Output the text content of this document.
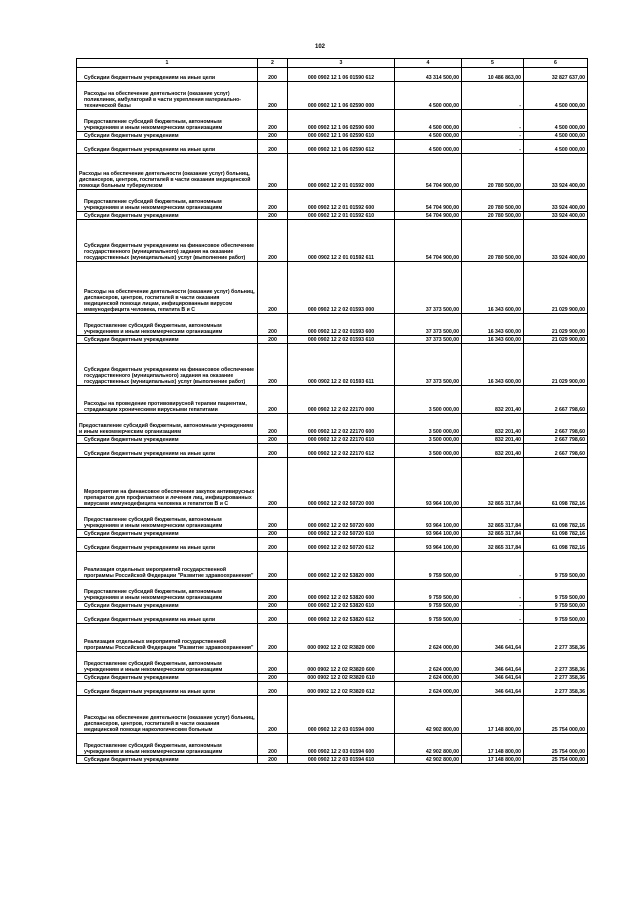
102
1	2	3	4	5	6
Субсидии бюджетным учреждениям на иные цели	200	000 0902 12 1 06 01590 612	43 314 500,00	10 486 863,00	32 827 637,00
Расходы на обеспечение деятельности (оказание услуг) поликлиник, амбулаторий в части укрепления материально-технической базы	200	000 0902 12 1 06 02590 000	4 500 000,00	-	4 500 000,00
Предоставление субсидий бюджетным, автономным учреждениям и иным некоммерческим организациям	200	000 0902 12 1 06 02590 600	4 500 000,00	-	4 500 000,00
Субсидии бюджетным учреждениям	200	000 0902 12 1 06 02590 610	4 500 000,00	-	4 500 000,00
Субсидии бюджетным учреждениям на иные цели	200	000 0902 12 1 06 02590 612	4 500 000,00	-	4 500 000,00
Расходы на обеспечение деятельности (оказание услуг) больниц, диспансеров, центров, госпиталей в части оказания медицинской помощи больным туберкулезом	200	000 0902 12 2 01 01592 000	54 704 900,00	20 780 500,00	33 924 400,00
Предоставление субсидий бюджетным, автономным учреждениям и иным некоммерческим организациям	200	000 0902 12 2 01 01592 600	54 704 900,00	20 780 500,00	33 924 400,00
Субсидии бюджетным учреждениям	200	000 0902 12 2 01 01592 610	54 704 900,00	20 780 500,00	33 924 400,00
Субсидии бюджетным учреждениям на финансовое обеспечение государственного (муниципального) задания на оказание государственных (муниципальных) услуг (выполнение работ)	200	000 0902 12 2 01 01592 611	54 704 900,00	20 780 500,00	33 924 400,00
Расходы на обеспечение деятельности (оказание услуг) больниц, диспансеров, центров, госпиталей в части оказания медицинской помощи лицам, инфицированным вирусом иммунодефицита человека, гепатита В и С	200	000 0902 12 2 02 01593 000	37 373 500,00	16 343 600,00	21 029 900,00
Предоставление субсидий бюджетным, автономным учреждениям и иным некоммерческим организациям	200	000 0902 12 2 02 01593 600	37 373 500,00	16 343 600,00	21 029 900,00
Субсидии бюджетным учреждениям	200	000 0902 12 2 02 01593 610	37 373 500,00	16 343 600,00	21 029 900,00
Субсидии бюджетным учреждениям на финансовое обеспечение государственного (муниципального) задания на оказание государственных (муниципальных) услуг (выполнение работ)	200	000 0902 12 2 02 01593 611	37 373 500,00	16 343 600,00	21 029 900,00
Расходы на проведение противовирусной терапии пациентам, страдающим хроническими вирусными гепатитами	200	000 0902 12 2 02 22170 000	3 500 000,00	832 201,40	2 667 798,60
Предоставление субсидий бюджетным, автономным учреждениям и иным некоммерческим организациям	200	000 0902 12 2 02 22170 600	3 500 000,00	832 201,40	2 667 798,60
Субсидии бюджетным учреждениям	200	000 0902 12 2 02 22170 610	3 500 000,00	832 201,40	2 667 798,60
Субсидии бюджетным учреждениям на иные цели	200	000 0902 12 2 02 22170 612	3 500 000,00	832 201,40	2 667 798,60
Мероприятия на финансовое обеспечение закупок антивирусных препаратов для профилактики и лечения лиц, инфицированных вирусами иммунодефицита человека и гепатитов В и С	200	000 0902 12 2 02 50720 000	93 964 100,00	32 865 317,84	61 098 782,16
Предоставление субсидий бюджетным, автономным учреждениям и иным некоммерческим организациям	200	000 0902 12 2 02 50720 600	93 964 100,00	32 865 317,84	61 098 782,16
Субсидии бюджетным учреждениям	200	000 0902 12 2 02 50720 610	93 964 100,00	32 865 317,84	61 098 782,16
Субсидии бюджетным учреждениям на иные цели	200	000 0902 12 2 02 50720 612	93 964 100,00	32 865 317,84	61 098 782,16
Реализация отдельных мероприятий государственной программы Российской Федерации "Развитие здравоохранения"	200	000 0902 12 2 02 53820 000	9 759 500,00	-	9 759 500,00
Предоставление субсидий бюджетным, автономным учреждениям и иным некоммерческим организациям	200	000 0902 12 2 02 53820 600	9 759 500,00	-	9 759 500,00
Субсидии бюджетным учреждениям	200	000 0902 12 2 02 53820 610	9 759 500,00	-	9 759 500,00
Субсидии бюджетным учреждениям на иные цели	200	000 0902 12 2 02 53820 612	9 759 500,00	-	9 759 500,00
Реализация отдельных мероприятий государственной программы Российской Федерации "Развитие здравоохранения"	200	000 0902 12 2 02 R3820 000	2 624 000,00	346 641,64	2 277 358,36
Предоставление субсидий бюджетным, автономным учреждениям и иным некоммерческим организациям	200	000 0902 12 2 02 R3820 600	2 624 000,00	346 641,64	2 277 358,36
Субсидии бюджетным учреждениям	200	000 0902 12 2 02 R3820 610	2 624 000,00	346 641,64	2 277 358,36
Субсидии бюджетным учреждениям на иные цели	200	000 0902 12 2 02 R3820 612	2 624 000,00	346 641,64	2 277 358,36
Расходы на обеспечение деятельности (оказание услуг) больниц, диспансеров, центров, госпиталей в части оказания медицинской помощи наркологическим больным	200	000 0902 12 2 03 01594 000	42 902 800,00	17 148 800,00	25 754 000,00
Предоставление субсидий бюджетным, автономным учреждениям и иным некоммерческим организациям	200	000 0902 12 2 03 01594 600	42 902 800,00	17 148 800,00	25 754 000,00
Субсидии бюджетным учреждениям	200	000 0902 12 2 03 01594 610	42 902 800,00	17 148 800,00	25 754 000,00
